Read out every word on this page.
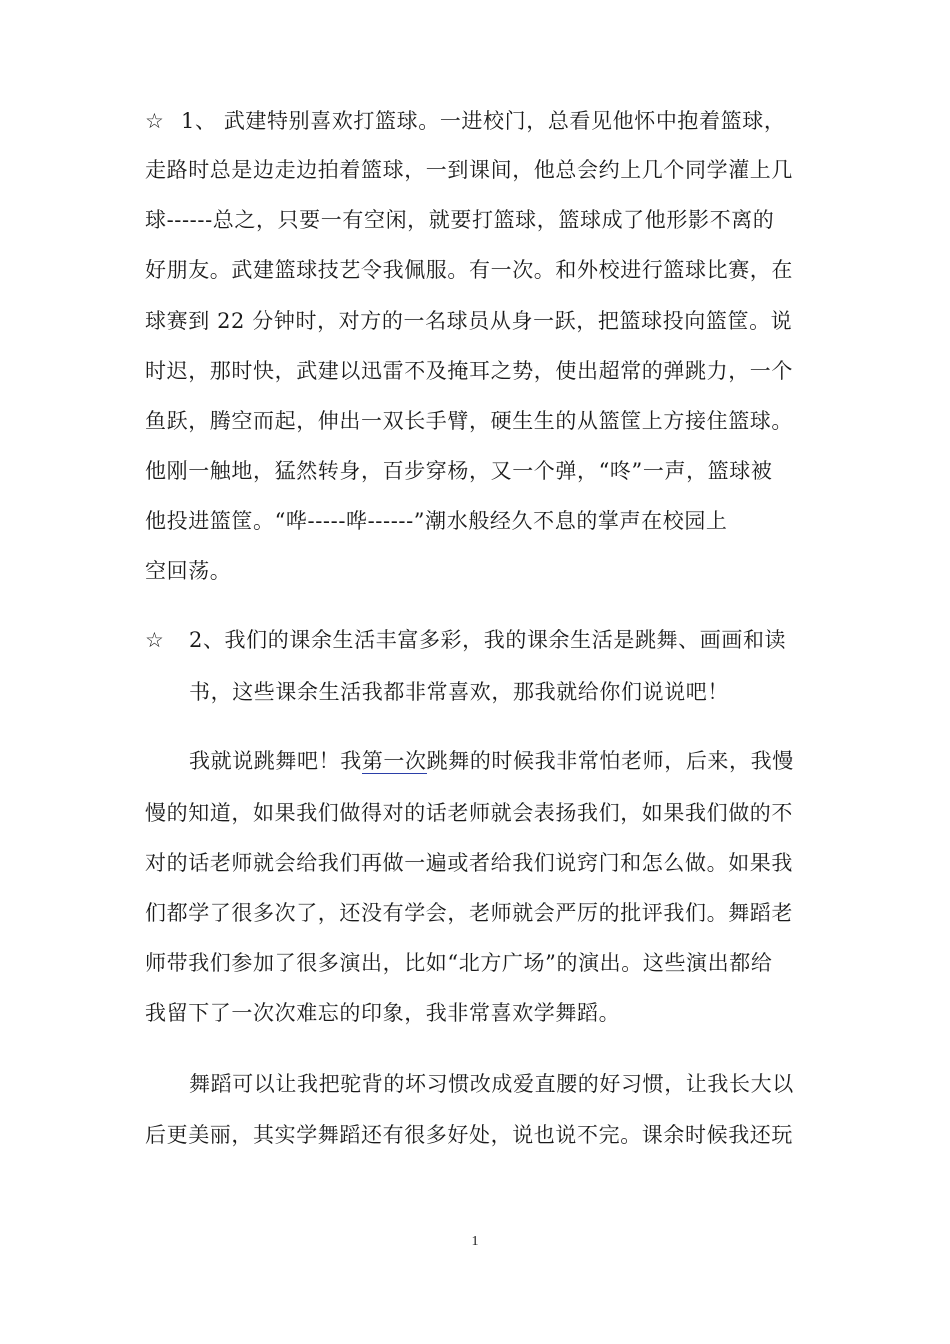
☆ 1、 武建特别喜欢打篮球。一进校门，总看见他怀中抱着篮球，
走路时总是边走边拍着篮球，一到课间，他总会约上几个同学灌上几
球------总之，只要一有空闲，就要打篮球，篮球成了他形影不离的
好朋友。武建篮球技艺令我佩服。有一次。和外校进行篮球比赛，在
球赛到 22 分钟时，对方的一名球员从身一跃，把篮球投向篮筐。说
时迟，那时快，武建以迅雷不及掩耳之势，使出超常的弹跳力，一个
鱼跃，腾空而起，伸出一双长手臂，硬生生的从篮筐上方接住篮球。
他刚一触地，猛然转身，百步穿杨，又一个弹，“咚”一声，篮球被
他投进篮筐。“哗-----哗------”潮水般经久不息的掌声在校园上
空回荡。
☆ 2、我们的课余生活丰富多彩，我的课余生活是跳舞、画画和读
书，这些课余生活我都非常喜欢，那我就给你们说说吧！
我就说跳舞吧！我第一次跳舞的时候我非常怕老师，后来，我慢
慢的知道，如果我们做得对的话老师就会表扬我们，如果我们做的不
对的话老师就会给我们再做一遍或者给我们说窍门和怎么做。如果我
们都学了很多次了，还没有学会，老师就会严厉的批评我们。舞蹈老
师带我们参加了很多演出，比如“北方广场”的演出。这些演出都给
我留下了一次次难忘的印象，我非常喜欢学舞蹈。
舞蹈可以让我把驼背的坏习惯改成爱直腰的好习惯，让我长大以
后更美丽，其实学舞蹈还有很多好处，说也说不完。课余时候我还玩
1
